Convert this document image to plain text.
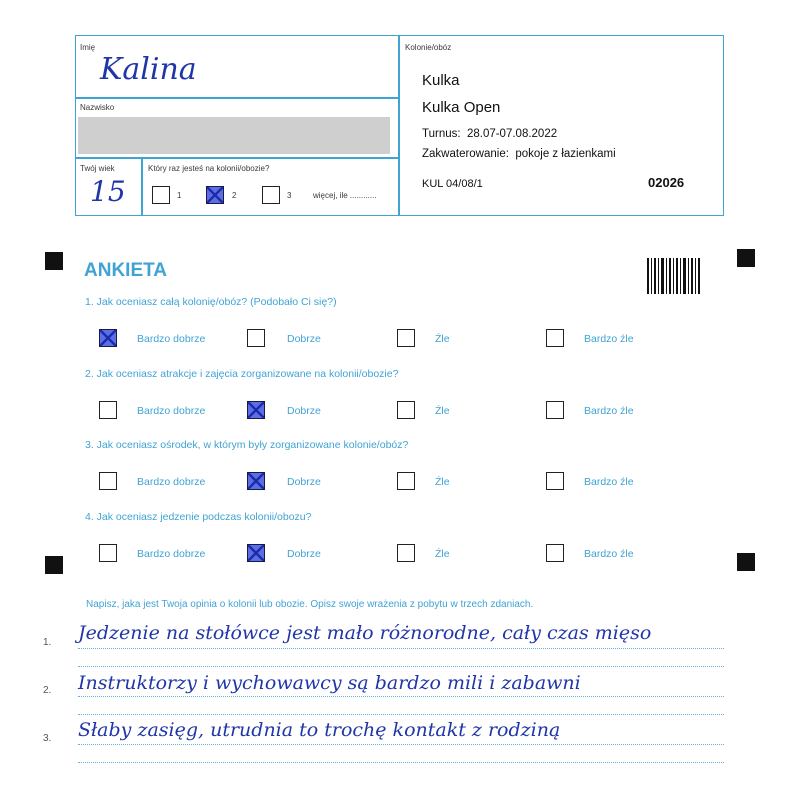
Imię
Kalina
Nazwisko
Twój wiek
15
Który raz jesteś na kolonii/obozie?
1	2	3	więcej, ile ............
Kolonie/obóz
Kulka
Kulka Open
Turnus: 28.07-07.08.2022
Zakwaterowanie: pokoje z łazienkami
KUL 04/08/1	02026
ANKIETA
1. Jak oceniasz całą kolonię/obóz? (Podobało Ci się?)
Bardzo dobrze	Dobrze	Źle	Bardzo źle
2. Jak oceniasz atrakcje i zajęcia zorganizowane na kolonii/obozie?
Bardzo dobrze	Dobrze	Źle	Bardzo źle
3. Jak oceniasz ośrodek, w którym były zorganizowane kolonie/obóz?
Bardzo dobrze	Dobrze	Źle	Bardzo źle
4. Jak oceniasz jedzenie podczas kolonii/obozu?
Bardzo dobrze	Dobrze	Źle	Bardzo źle
Napisz, jaka jest Twoja opinia o kolonii lub obozie. Opisz swoje wrażenia z pobytu w trzech zdaniach.
1. Jedzenie na stołówce jest mało różnorodne, cały czas mięso
2. Instruktorzy i wychowawcy są bardzo mili i zabawni
3. Słaby zasięg, utrudnia to trochę kontakt z rodziną
